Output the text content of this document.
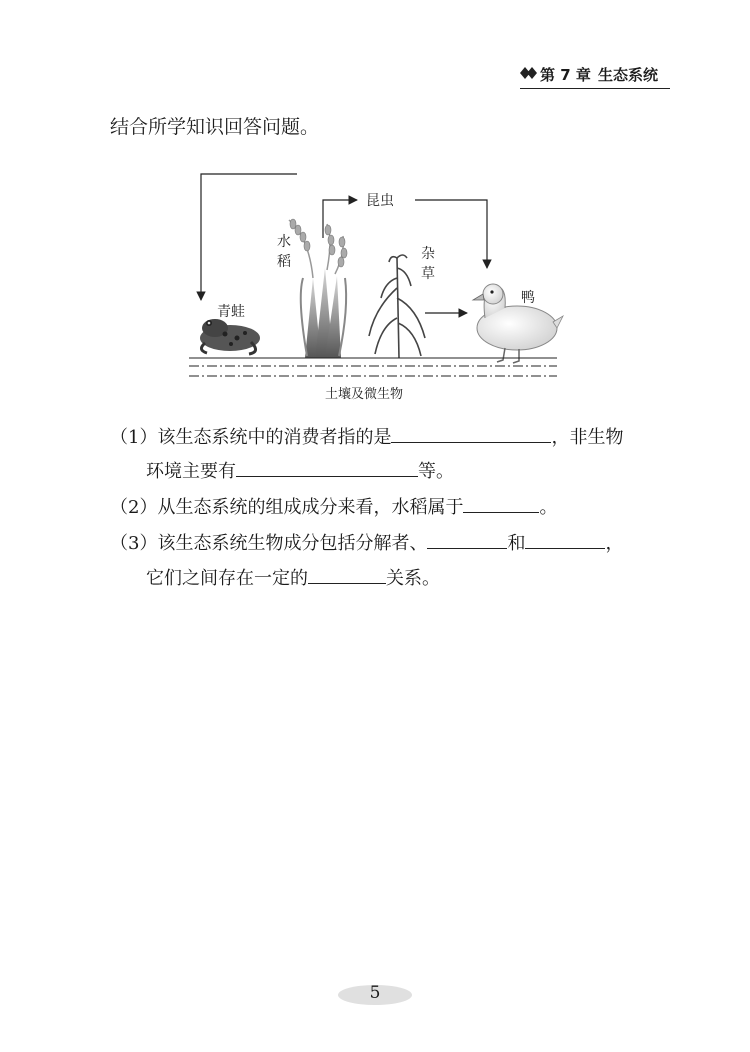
第 7 章 生态系统
结合所学知识回答问题。
昆虫
水
稻	杂
草
青蛙
鸭
土壤及微生物
（1）该生态系统中的消费者指的是	，非生物
环境主要有	等。
（2）从生态系统的组成成分来看，水稻属于	。
（3）该生态系统生物成分包括分解者、	和	，
它们之间存在一定的	关系。
5
